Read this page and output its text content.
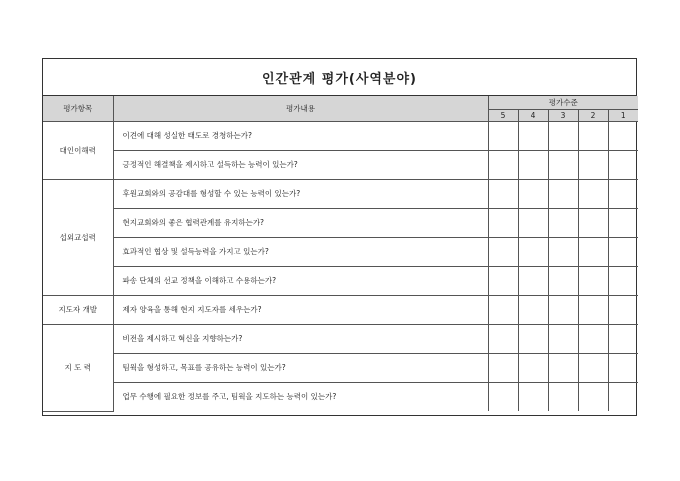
인간관계 평가(사역분야)
평가항목	평가내용	평가수준				
		5	4	3	2	1
대인이해력	이견에 대해 성실한 태도로 경청하는가?					
	긍정적인 해결책을 제시하고 설득하는 능력이 있는가?					
섭외교섭력	후원교회와의 공감대를 형성할 수 있는 능력이 있는가?					
	현지교회와의 좋은 협력관계를 유지하는가?					
	효과적인 협상 및 설득능력을 가지고 있는가?					
	파송 단체의 선교 정책을 이해하고 수용하는가?					
지도자 개발	제자 양육을 통해 현지 지도자를 세우는가?					
지 도 력	비전을 제시하고 혁신을 지향하는가?					
	팀웍을 형성하고, 목표를 공유하는 능력이 있는가?					
	업무 수행에 필요한 정보를 주고, 팀웍을 지도하는 능력이 있는가?					
